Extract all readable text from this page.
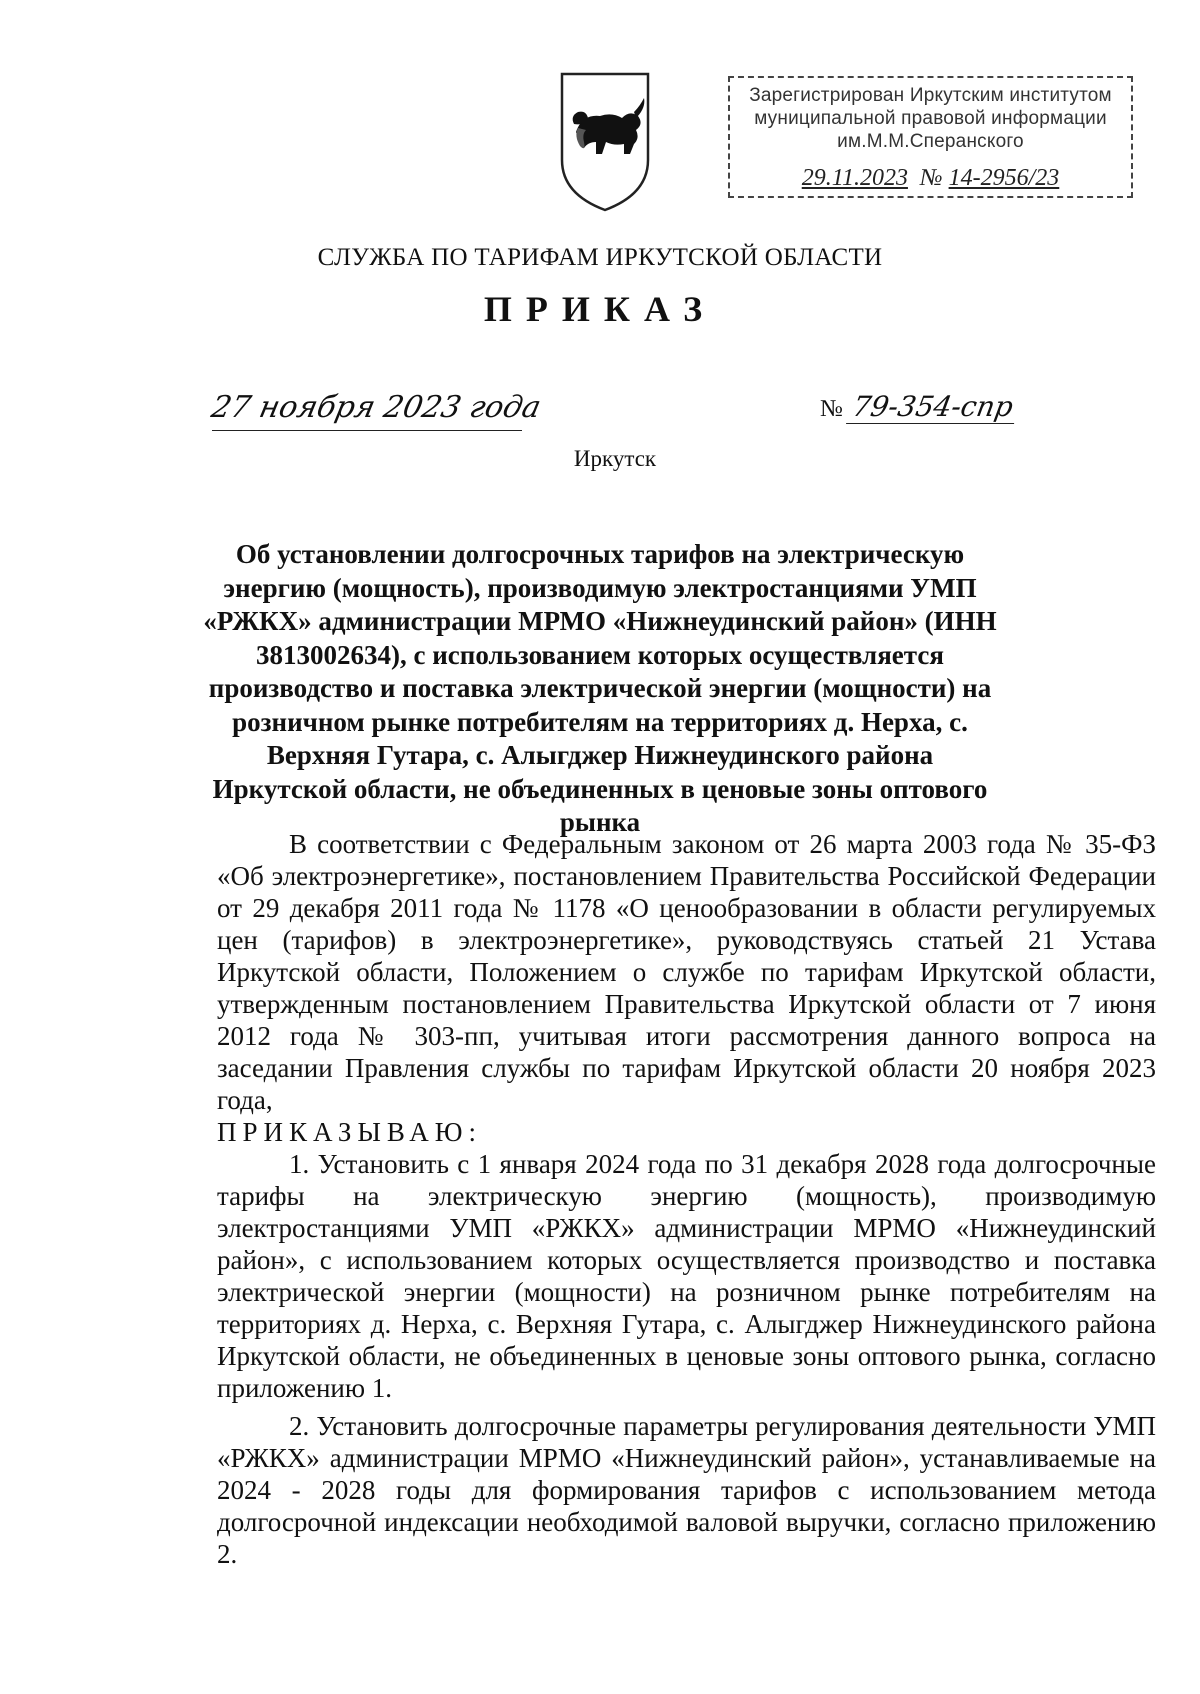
Зарегистрирован Иркутским институтом
муниципальной правовой информации
им.М.М.Сперанского
29.11.2023 № 14-2956/23
СЛУЖБА ПО ТАРИФАМ ИРКУТСКОЙ ОБЛАСТИ
ПРИКАЗ
27 ноября 2023 года	№ 79-354-спр
Иркутск
Об установлении долгосрочных тарифов на электрическую энергию (мощность), производимую электростанциями УМП «РЖКХ» администрации МРМО «Нижнеудинский район» (ИНН 3813002634), с использованием которых осуществляется производство и поставка электрической энергии (мощности) на розничном рынке потребителям на территориях д. Нерха, с. Верхняя Гутара, с. Алыгджер Нижнеудинского района Иркутской области, не объединенных в ценовые зоны оптового рынка

В соответствии с Федеральным законом от 26 марта 2003 года № 35-ФЗ «Об электроэнергетике», постановлением Правительства Российской Федерации от 29 декабря 2011 года № 1178 «О ценообразовании в области регулируемых цен (тарифов) в электроэнергетике», руководствуясь статьей 21 Устава Иркутской области, Положением о службе по тарифам Иркутской области, утвержденным постановлением Правительства Иркутской области от 7 июня 2012 года № 303-пп, учитывая итоги рассмотрения данного вопроса на заседании Правления службы по тарифам Иркутской области 20 ноября 2023 года,

ПРИКАЗЫВАЮ:

1. Установить с 1 января 2024 года по 31 декабря 2028 года долгосрочные тарифы на электрическую энергию (мощность), производимую электростанциями УМП «РЖКХ» администрации МРМО «Нижнеудинский район», с использованием которых осуществляется производство и поставка электрической энергии (мощности) на розничном рынке потребителям на территориях д. Нерха, с. Верхняя Гутара, с. Алыгджер Нижнеудинского района Иркутской области, не объединенных в ценовые зоны оптового рынка, согласно приложению 1.

2. Установить долгосрочные параметры регулирования деятельности УМП «РЖКХ» администрации МРМО «Нижнеудинский район», устанавливаемые на 2024 - 2028 годы для формирования тарифов с использованием метода долгосрочной индексации необходимой валовой выручки, согласно приложению 2.
